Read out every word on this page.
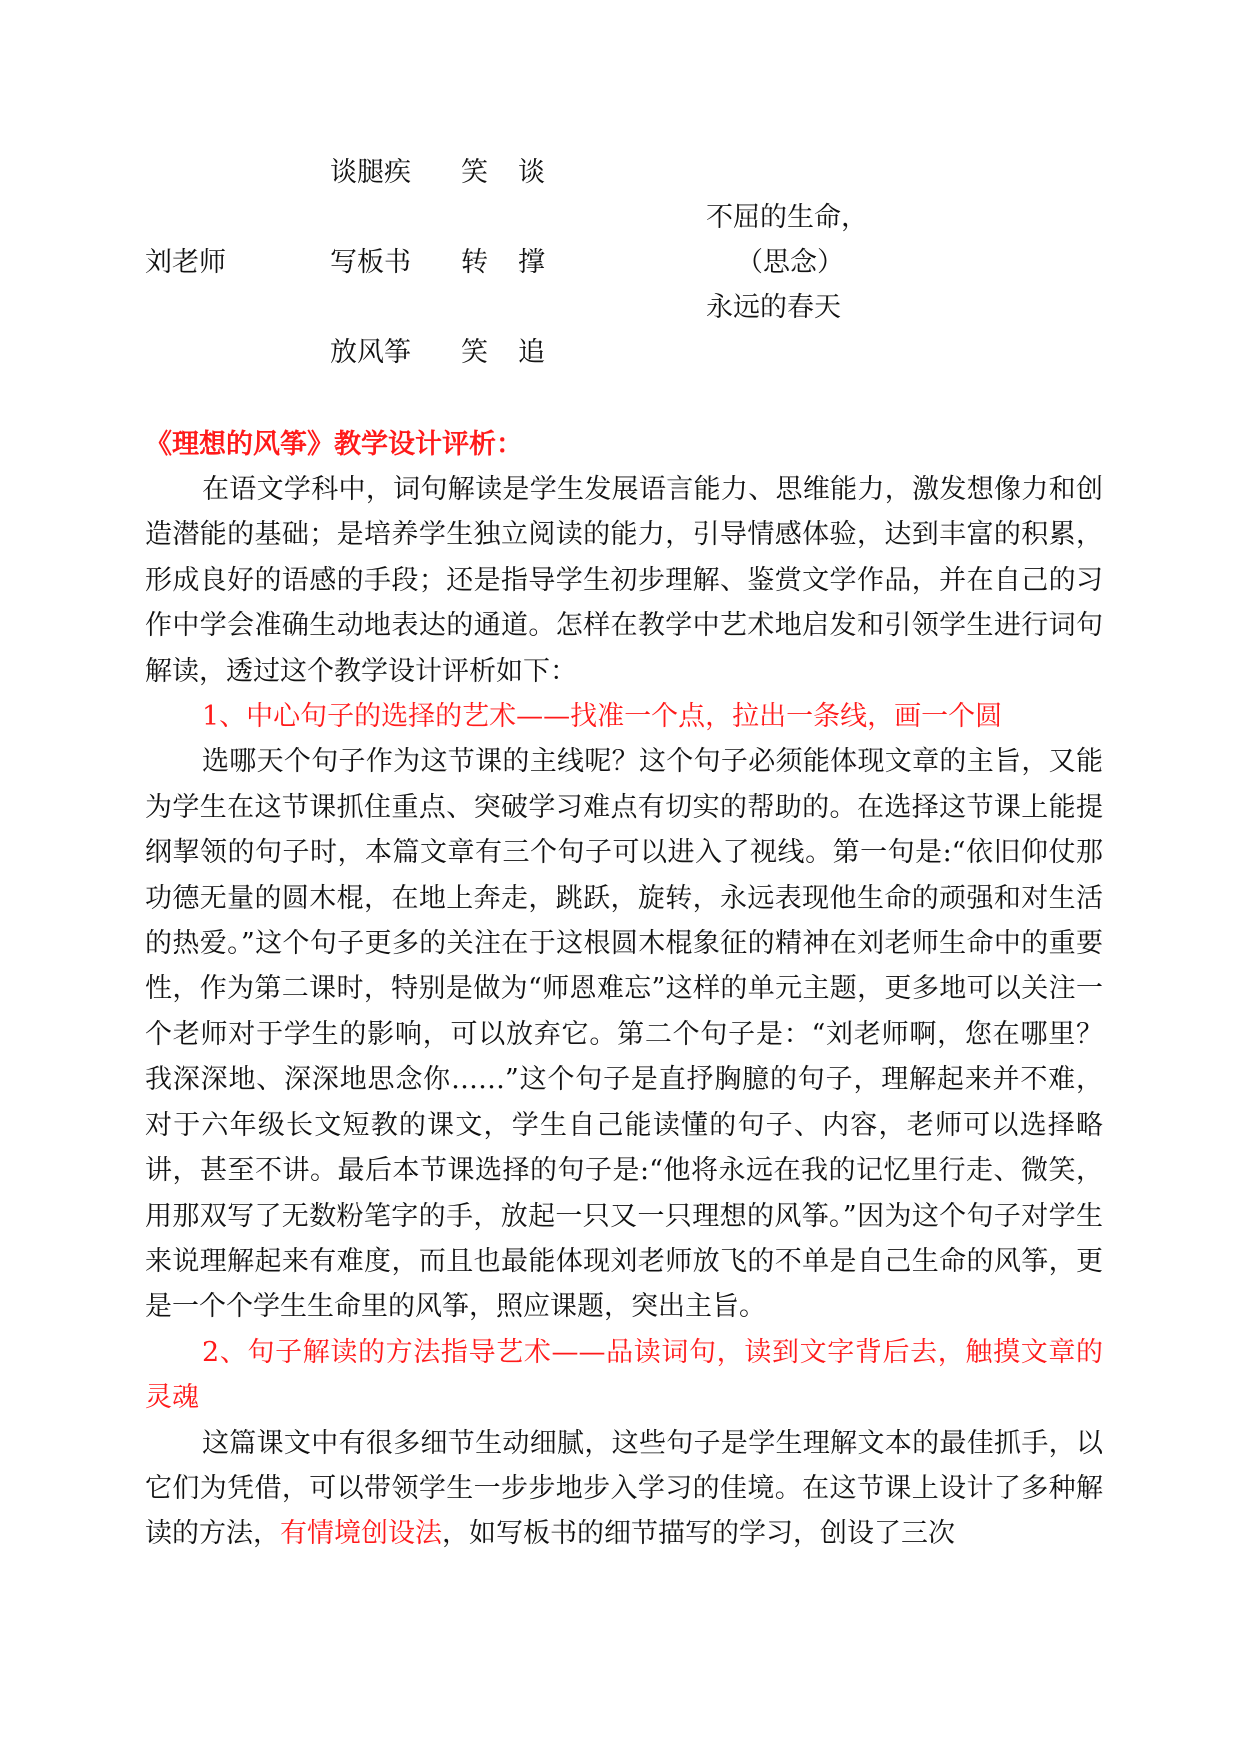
谈腿疾 笑 谈
不屈的生命，
刘老师	写板书 转 撑	（思念）
永远的春天
放风筝 笑 追
《理想的风筝》教学设计评析：

在语文学科中，词句解读是学生发展语言能力、思维能力，激发想像力和创造潜能的基础；是培养学生独立阅读的能力，引导情感体验，达到丰富的积累，形成良好的语感的手段；还是指导学生初步理解、鉴赏文学作品，并在自己的习作中学会准确生动地表达的通道。怎样在教学中艺术地启发和引领学生进行词句解读，透过这个教学设计评析如下：

1、中心句子的选择的艺术——找准一个点，拉出一条线，画一个圆

选哪天个句子作为这节课的主线呢？这个句子必须能体现文章的主旨，又能为学生在这节课抓住重点、突破学习难点有切实的帮助的。在选择这节课上能提纲挈领的句子时，本篇文章有三个句子可以进入了视线。第一句是:“依旧仰仗那功德无量的圆木棍，在地上奔走，跳跃，旋转，永远表现他生命的顽强和对生活的热爱。”这个句子更多的关注在于这根圆木棍象征的精神在刘老师生命中的重要性，作为第二课时，特别是做为“师恩难忘”这样的单元主题，更多地可以关注一个老师对于学生的影响，可以放弃它。第二个句子是：“刘老师啊，您在哪里？我深深地、深深地思念你……”这个句子是直抒胸臆的句子，理解起来并不难，对于六年级长文短教的课文，学生自己能读懂的句子、内容，老师可以选择略讲，甚至不讲。最后本节课选择的句子是:“他将永远在我的记忆里行走、微笑，用那双写了无数粉笔字的手，放起一只又一只理想的风筝。”因为这个句子对学生来说理解起来有难度，而且也最能体现刘老师放飞的不单是自己生命的风筝，更是一个个学生生命里的风筝，照应课题，突出主旨。

2、句子解读的方法指导艺术——品读词句，读到文字背后去，触摸文章的灵魂

这篇课文中有很多细节生动细腻，这些句子是学生理解文本的最佳抓手，以它们为凭借，可以带领学生一步步地步入学习的佳境。在这节课上设计了多种解读的方法，有情境创设法，如写板书的细节描写的学习，创设了三次
